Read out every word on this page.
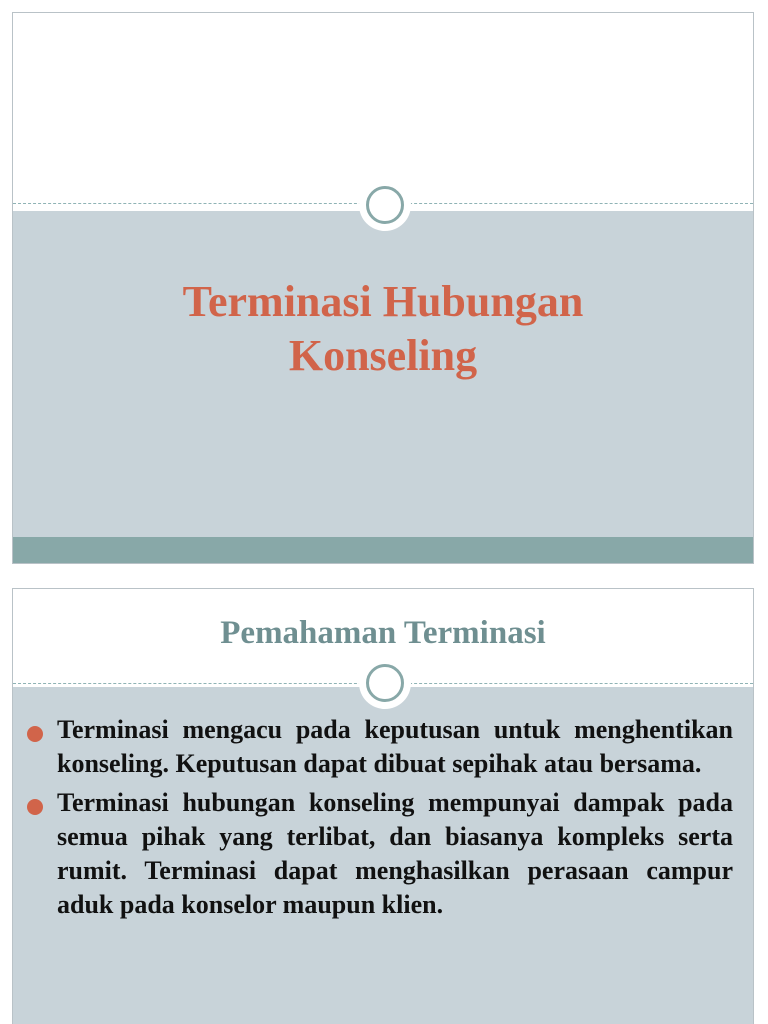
Terminasi Hubungan
Konseling
Pemahaman Terminasi
Terminasi mengacu pada keputusan untuk menghentikan konseling. Keputusan dapat dibuat sepihak atau bersama.
Terminasi hubungan konseling mempunyai dampak pada semua pihak yang terlibat, dan biasanya kompleks serta rumit. Terminasi dapat menghasilkan perasaan campur aduk pada konselor maupun klien.
